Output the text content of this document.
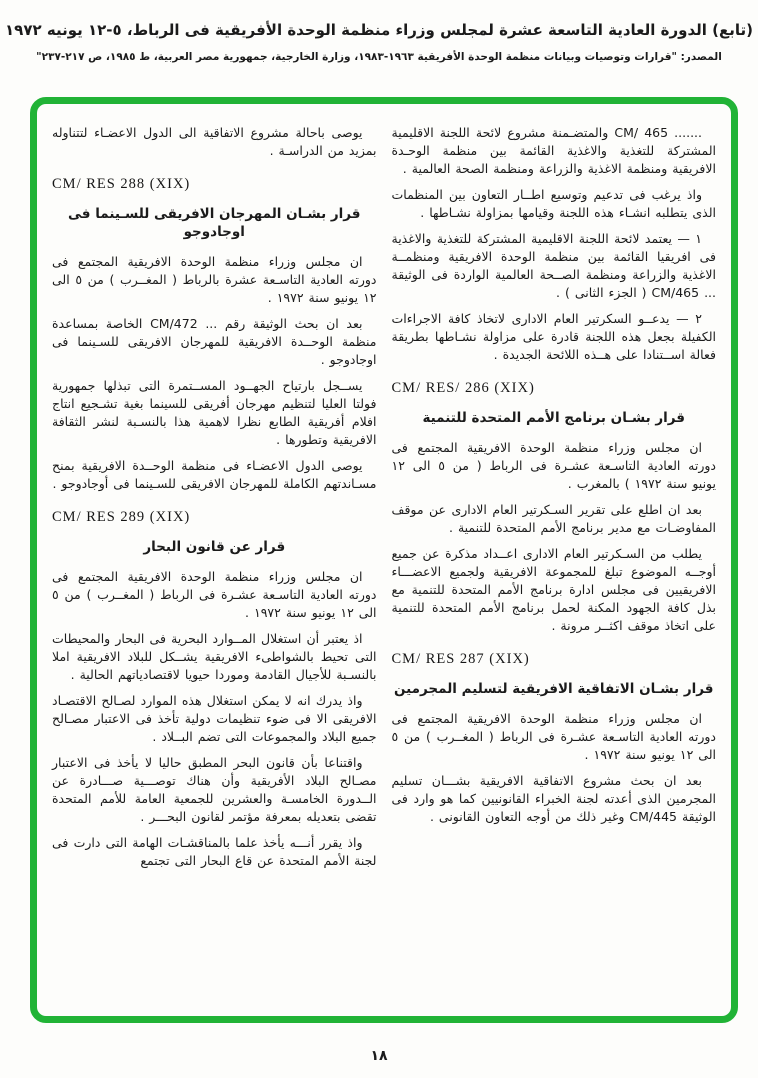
(تابع) الدورة العادية التاسعة عشرة لمجلس وزراء منظمة الوحدة الأفريقية فى الرباط، ٥-١٢ يونيه ١٩٧٢
المصدر: "قرارات وتوصيات وبيانات منظمة الوحدة الأفريقية ١٩٦٣-١٩٨٣، وزارة الخارجية، جمهورية مصر العربية، ط ١٩٨٥، ص ٢١٧-٢٣٧"
....... CM/ 465 والمتضـمنة مشروع لائحة اللجنة الاقليمية المشتركة للتغذية والاغذية القائمة بين منظمة الوحـدة الافريقية ومنظمة الاغذية والزراعة ومنظمة الصحة العالمية .
واذ يرغب فى تدعيم وتوسيع اطــار التعاون بين المنظمات الذى يتطلبه انشـاء هذه اللجنة وقيامها بمزاولة نشـاطها .
١ — يعتمد لائحة اللجنة الاقليمية المشتركة للتغذية والاغذية فى افريقيا القائمة بين منظمة الوحدة الافريقية ومنظمــة الاغذية والزراعة ومنظمة الصــحة العالمية الواردة فى الوثيقة ... CM/465 ( الجزء الثانى ) .
٢ — يدعــو السكرتير العام الادارى لاتخاذ كافة الاجراءات الكفيلة بجعل هذه اللجنة قادرة على مزاولة نشـاطها بطريقة فعالة اســتنادا على هــذه اللائحة الجديدة .
CM/ RES/ 286 (XIX)
قرار بشـان برنامج الأمم المتحدة للتنمية
ان مجلس وزراء منظمة الوحدة الافريقية المجتمع فى دورته العادية التاسـعة عشـرة فى الرباط ( من ٥ الى ١٢ يونيو سنة ١٩٧٢ ) بالمغرب .
بعد ان اطلع على تقرير السـكرتير العام الادارى عن موقف المفاوضـات مع مدير برنامج الأمم المتحدة للتنمية .
يطلب من السـكرتير العام الادارى اعــداد مذكرة عن جميع أوجــه الموضوع تبلغ للمجموعة الافريقية ولجميع الاعضـــاء الافريقيين فى مجلس ادارة برنامج الأمم المتحدة للتنمية مع بذل كافة الجهود المكنة لحمل برنامج الأمم المتحدة للتنمية على اتخاذ موقف اكثــر مرونة .
CM/ RES 287 (XIX)
قرار بشـان الاتفاقية الافريقية لتسليم المجرمين
ان مجلس وزراء منظمة الوحدة الافريقية المجتمع فى دورته العادية التاسـعة عشـرة فى الرباط ( المغــرب ) من ٥ الى ١٢ يونيو سنة ١٩٧٢ .
بعد ان بحث مشروع الاتفاقية الافريقية بشـــان تسليم المجرمين الذى أعدته لجنة الخبراء القانونيين كما هو وارد فى الوثيقة CM/445 وغير ذلك من أوجه التعاون القانونى .
يوصى باحالة مشروع الاتفاقية الى الدول الاعضـاء لتتناوله بمزيد من الدراسـة .
CM/ RES 288 (XIX)
قرار بشـان المهرجان الافريقى للسـينما فى اوجادوجو
ان مجلس وزراء منظمة الوحدة الافريقية المجتمع فى دورته العادية التاسـعة عشرة بالرباط ( المغــرب ) من ٥ الى ١٢ يونيو سنة ١٩٧٢ .
بعد ان بحث الوثيقة رقم ... CM/472 الخاصة بمساعدة منظمة الوحــدة الافريقية للمهرجان الافريقى للسـينما فى اوجادوجو .
يســجل بارتياح الجهــود المســتمرة التى تبذلها جمهورية فولتا العليا لتنظيم مهرجان أفريقى للسينما بغية تشـجيع انتاج افلام أفريقية الطابع نظرا لاهمية هذا بالنسـبة لنشر الثقافة الافريقية وتطورها .
يوصى الدول الاعضـاء فى منظمة الوحــدة الافريقية بمنح مسـاندتهم الكاملة للمهرجان الافريقى للسـينما فى أوجادوجو .
CM/ RES 289 (XIX)
قرار عن قانون البحار
ان مجلس وزراء منظمة الوحدة الافريقية المجتمع فى دورته العادية التاسـعة عشـرة فى الرباط ( المغــرب ) من ٥ الى ١٢ يونيو سنة ١٩٧٢ .
اذ يعتبر أن استغلال المــوارد البحرية فى البحار والمحيطات التى تحيط بالشواطىء الافريقية يشــكل للبلاد الافريقية املا بالنسـبة للأجيال القادمة وموردا حيويا لاقتصادياتهم الحالية .
واذ يدرك انه لا يمكن استغلال هذه الموارد لصـالح الاقتصـاد الافريقى الا فى ضوء تنظيمات دولية تأخذ فى الاعتبار مصـالح جميع البلاد والمجموعات التى تضم البــلاد .
واقتناعا بأن قانون البحر المطبق حاليا لا يأخذ فى الاعتبار مصـالح البلاد الأفريقية وأن هناك توصـــية صـــادرة عن الــدورة الخامسـة والعشرين للجمعية العامة للأمم المتحدة تقضى بتعديله بمعرفة مؤتمر لقانون البحـــر .
واذ يقرر أنـــه يأخذ علما بالمناقشـات الهامة التى دارت فى لجنة الأمم المتحدة عن قاع البحار التى تجتمع
١٨
